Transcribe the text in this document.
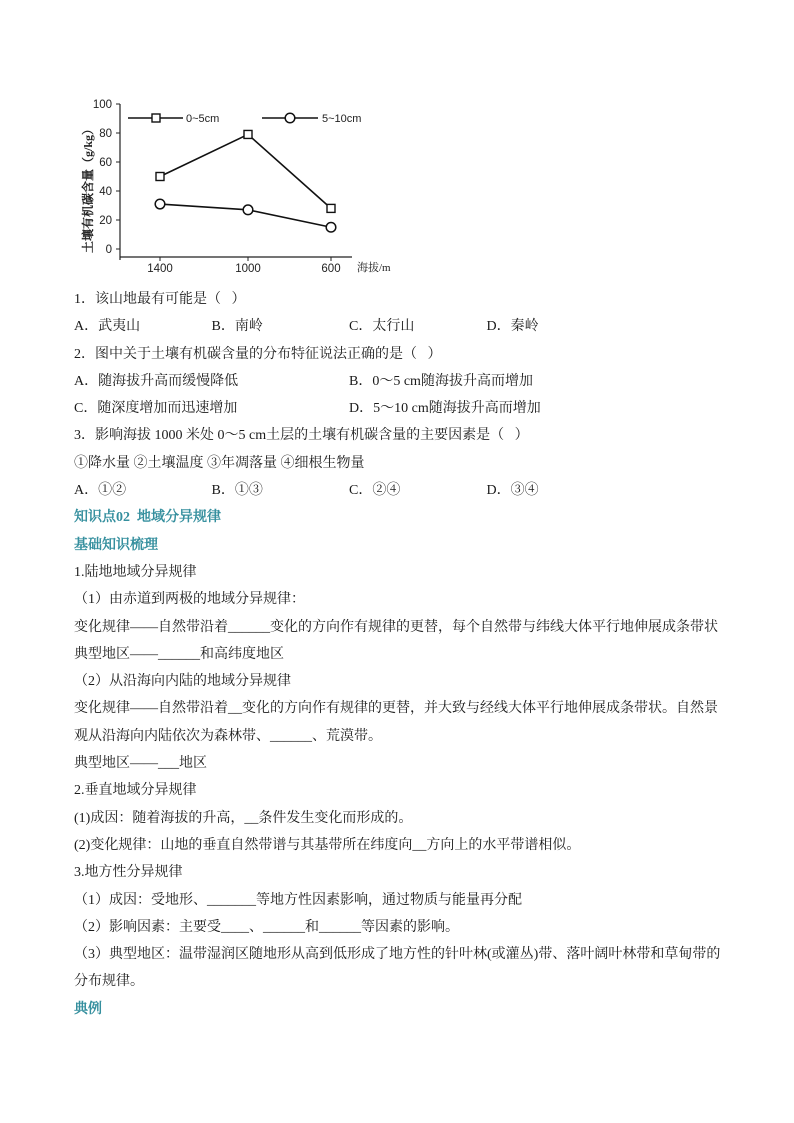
土壤有机碳含量（g/kg）
海拔/m
0
20
40
60
80
100
1400	1000	600
0~5cm	5~10cm
1．该山地最有可能是（   ）
A．武夷山	B．南岭	C．太行山	D．秦岭
2．图中关于土壤有机碳含量的分布特征说法正确的是（   ）
A．随海拔升高而缓慢降低	B．0～5 cm随海拔升高而增加
C．随深度增加而迅速增加	D．5～10 cm随海拔升高而增加
3．影响海拔 1000 米处 0～5 cm土层的土壤有机碳含量的主要因素是（   ）
①降水量 ②土壤温度 ③年凋落量 ④细根生物量
A．①②	B．①③	C．②④	D．③④
知识点02  地域分异规律
基础知识梳理
1.陆地地域分异规律
（1）由赤道到两极的地域分异规律：
变化规律——自然带沿着______变化的方向作有规律的更替，每个自然带与纬线大体平行地伸展成条带状
典型地区——______和高纬度地区
（2）从沿海向内陆的地域分异规律
变化规律——自然带沿着__变化的方向作有规律的更替，并大致与经线大体平行地伸展成条带状。自然景
观从沿海向内陆依次为森林带、______、荒漠带。
典型地区——___地区
2.垂直地域分异规律
(1)成因：随着海拔的升高，__条件发生变化而形成的。
(2)变化规律：山地的垂直自然带谱与其基带所在纬度向__方向上的水平带谱相似。
3.地方性分异规律
（1）成因：受地形、_______等地方性因素影响，通过物质与能量再分配
（2）影响因素：主要受____、______和______等因素的影响。
（3）典型地区：温带湿润区随地形从高到低形成了地方性的针叶林(或灌丛)带、落叶阔叶林带和草甸带的
分布规律。
典例
